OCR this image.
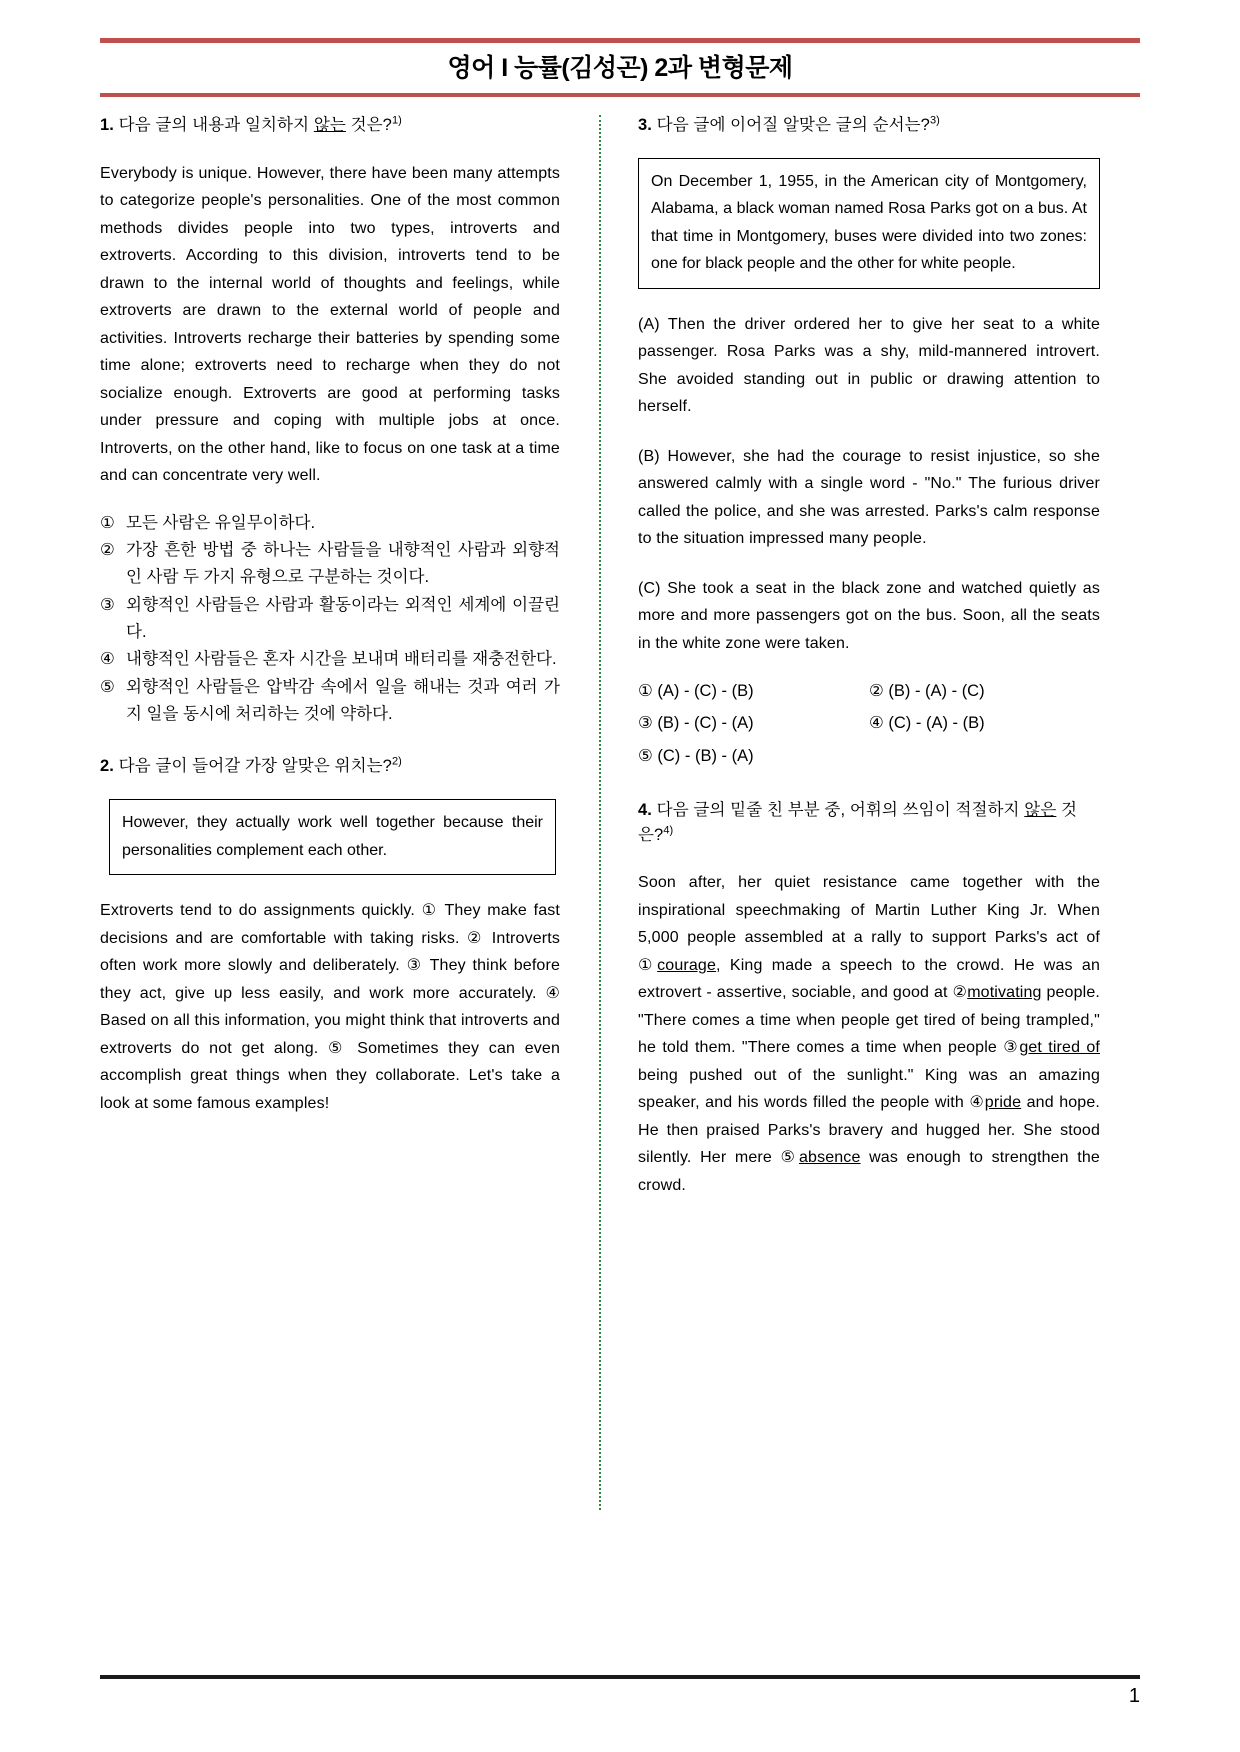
영어 I 능률(김성곤) 2과 변형문제
1. 다음 글의 내용과 일치하지 않는 것은?$^{1)}$
Everybody is unique. However, there have been many attempts to categorize people's personalities. One of the most common methods divides people into two types, introverts and extroverts. According to this division, introverts tend to be drawn to the internal world of thoughts and feelings, while extroverts are drawn to the external world of people and activities. Introverts recharge their batteries by spending some time alone; extroverts need to recharge when they do not socialize enough. Extroverts are good at performing tasks under pressure and coping with multiple jobs at once. Introverts, on the other hand, like to focus on one task at a time and can concentrate very well.
① 모든 사람은 유일무이하다.
② 가장 흔한 방법 중 하나는 사람들을 내향적인 사람과 외향적인 사람 두 가지 유형으로 구분하는 것이다.
③ 외향적인 사람들은 사람과 활동이라는 외적인 세계에 이끌린다.
④ 내향적인 사람들은 혼자 시간을 보내며 배터리를 재충전한다.
⑤ 외향적인 사람들은 압박감 속에서 일을 해내는 것과 여러 가지 일을 동시에 처리하는 것에 약하다.
2. 다음 글이 들어갈 가장 알맞은 위치는?$^{2)}$
However, they actually work well together because their personalities complement each other.
Extroverts tend to do assignments quickly. ① They make fast decisions and are comfortable with taking risks. ② Introverts often work more slowly and deliberately. ③ They think before they act, give up less easily, and work more accurately. ④ Based on all this information, you might think that introverts and extroverts do not get along. ⑤ Sometimes they can even accomplish great things when they collaborate. Let's take a look at some famous examples!
3. 다음 글에 이어질 알맞은 글의 순서는?$^{3)}$
On December 1, 1955, in the American city of Montgomery, Alabama, a black woman named Rosa Parks got on a bus. At that time in Montgomery, buses were divided into two zones: one for black people and the other for white people.
(A) Then the driver ordered her to give her seat to a white passenger. Rosa Parks was a shy, mild-mannered introvert. She avoided standing out in public or drawing attention to herself.
(B) However, she had the courage to resist injustice, so she answered calmly with a single word - "No." The furious driver called the police, and she was arrested. Parks's calm response to the situation impressed many people.
(C) She took a seat in the black zone and watched quietly as more and more passengers got on the bus. Soon, all the seats in the white zone were taken.
① (A) - (C) - (B)	② (B) - (A) - (C)
③ (B) - (C) - (A)	④ (C) - (A) - (B)
⑤ (C) - (B) - (A)
4. 다음 글의 밑줄 친 부분 중, 어휘의 쓰임이 적절하지 않은 것은?$^{4)}$
Soon after, her quiet resistance came together with the inspirational speechmaking of Martin Luther King Jr. When 5,000 people assembled at a rally to support Parks's act of ①courage, King made a speech to the crowd. He was an extrovert - assertive, sociable, and good at ②motivating people. "There comes a time when people get tired of being trampled," he told them. "There comes a time when people ③get tired of being pushed out of the sunlight." King was an amazing speaker, and his words filled the people with ④pride and hope. He then praised Parks's bravery and hugged her. She stood silently. Her mere ⑤absence was enough to strengthen the crowd.
1
